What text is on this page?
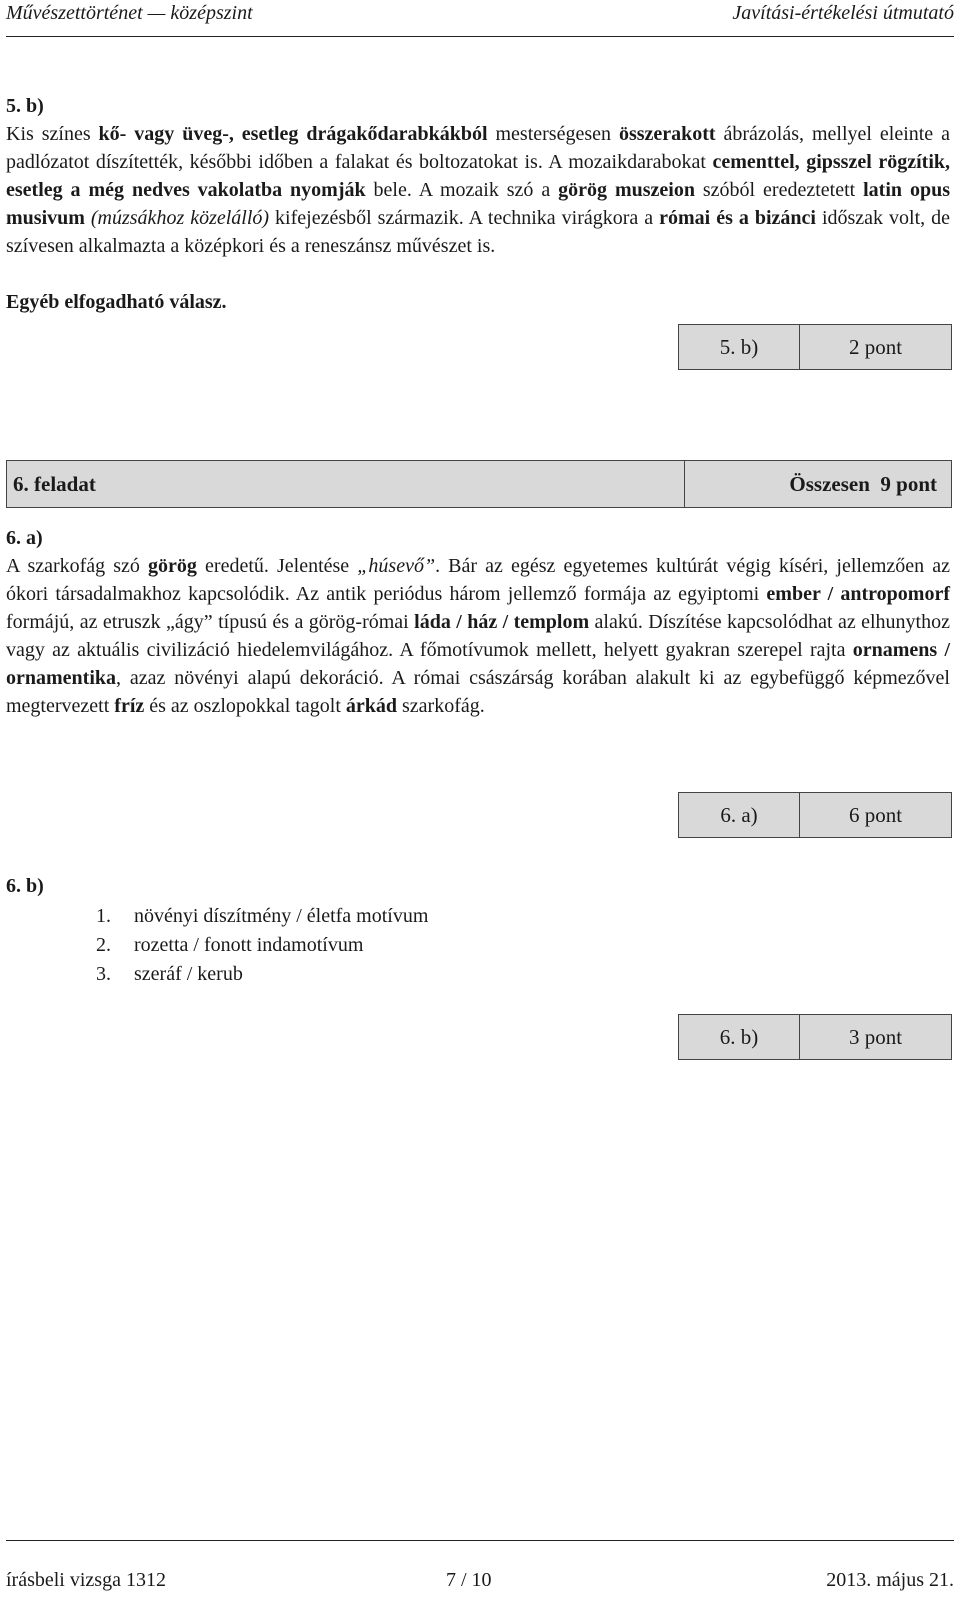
Művészettörténet — középszint	Javítási-értékelési útmutató
5. b)
Kis színes kő- vagy üveg-, esetleg drágakődarabkákból mesterségesen összerakott ábrázolás, mellyel eleinte a padlózatot díszítették, későbbi időben a falakat és boltozatokat is. A mozaikdarabokat cementtel, gipsszel rögzítik, esetleg a még nedves vakolatba nyomják bele. A mozaik szó a görög muszeion szóból eredeztetett latin opus musivum (múzsákhoz közelálló) kifejezésből származik. A technika virágkora a római és a bizánci időszak volt, de szívesen alkalmazta a középkori és a reneszánsz művészet is.
Egyéb elfogadható válasz.
5. b)	2 pont
6. feladat	Összesen  9 pont
6. a)
A szarkofág szó görög eredetű. Jelentése „húsevő”. Bár az egész egyetemes kultúrát végig kíséri, jellemzően az ókori társadalmakhoz kapcsolódik. Az antik periódus három jellemző formája az egyiptomi ember / antropomorf formájú, az etruszk „ágy” típusú és a görög-római láda / ház / templom alakú. Díszítése kapcsolódhat az elhunythoz vagy az aktuális civilizáció hiedelemvilágához. A főmotívumok mellett, helyett gyakran szerepel rajta ornamens / ornamentika, azaz növényi alapú dekoráció. A római császárság korában alakult ki az egybefüggő képmezővel megtervezett fríz és az oszlopokkal tagolt árkád szarkofág.
6. a)	6 pont
6. b)
1. növényi díszítmény / életfa motívum
2. rozetta / fonott indamotívum
3. szeráf / kerub
6. b)	3 pont
írásbeli vizsga 1312	7 / 10	2013. május 21.
